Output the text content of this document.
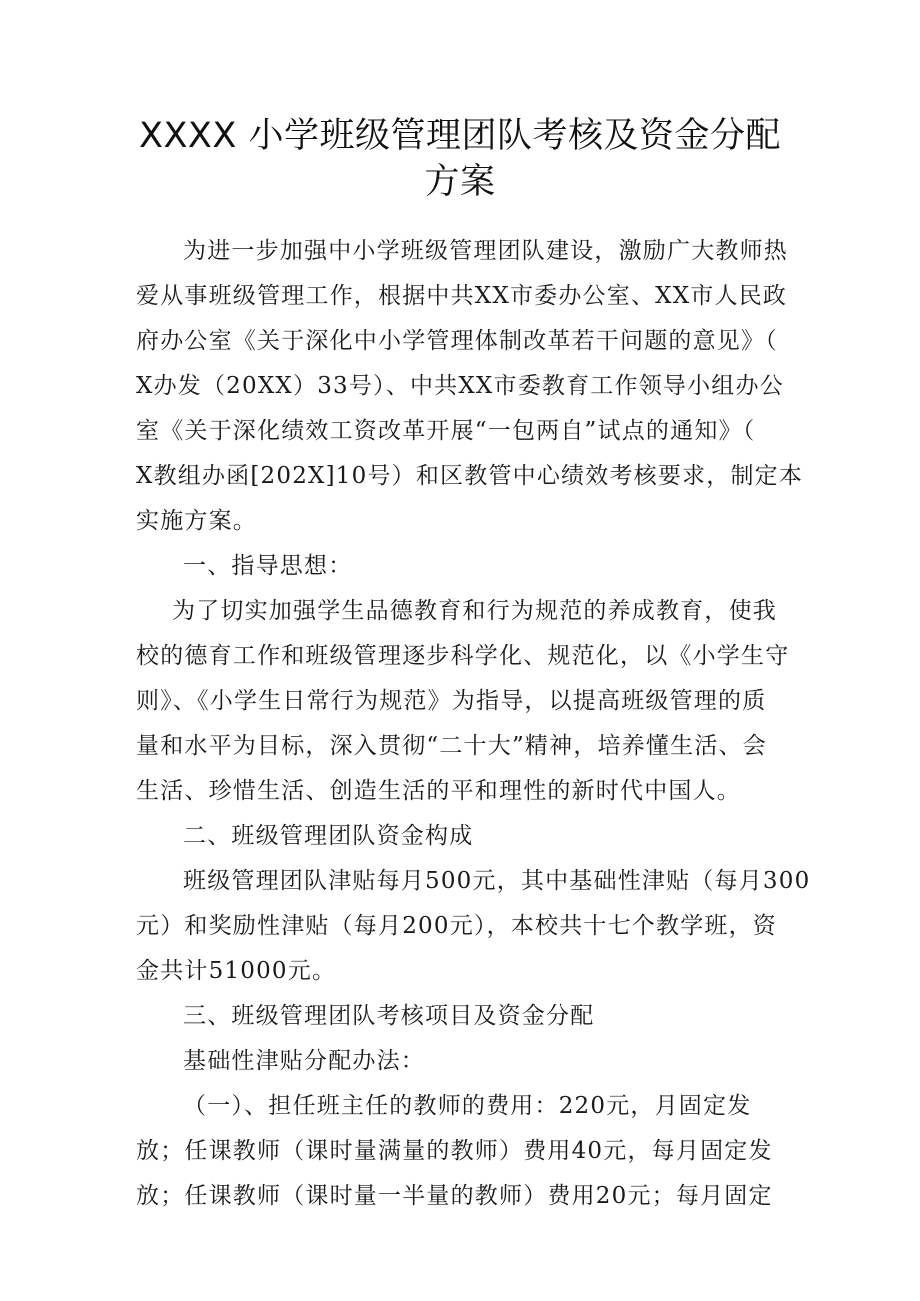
XXXX 小学班级管理团队考核及资金分配
方案
为进一步加强中小学班级管理团队建设，激励广大教师热
爱从事班级管理工作，根据中共XX市委办公室、XX市人民政
府办公室《关于深化中小学管理体制改革若干问题的意见》（
X办发（20XX）33号）、中共XX市委教育工作领导小组办公
室《关于深化绩效工资改革开展“一包两自”试点的通知》（
X教组办函[202X]10号）和区教管中心绩效考核要求，制定本
实施方案。
一、指导思想：
为了切实加强学生品德教育和行为规范的养成教育，使我
校的德育工作和班级管理逐步科学化、规范化，以《小学生守
则》、《小学生日常行为规范》为指导，以提高班级管理的质
量和水平为目标，深入贯彻“二十大”精神，培养懂生活、会
生活、珍惜生活、创造生活的平和理性的新时代中国人。
二、班级管理团队资金构成
班级管理团队津贴每月500元，其中基础性津贴（每月300
元）和奖励性津贴（每月200元），本校共十七个教学班，资
金共计51000元。
三、班级管理团队考核项目及资金分配
基础性津贴分配办法：
（一）、担任班主任的教师的费用：220元，月固定发
放；任课教师（课时量满量的教师）费用40元，每月固定发
放；任课教师（课时量一半量的教师）费用20元；每月固定
